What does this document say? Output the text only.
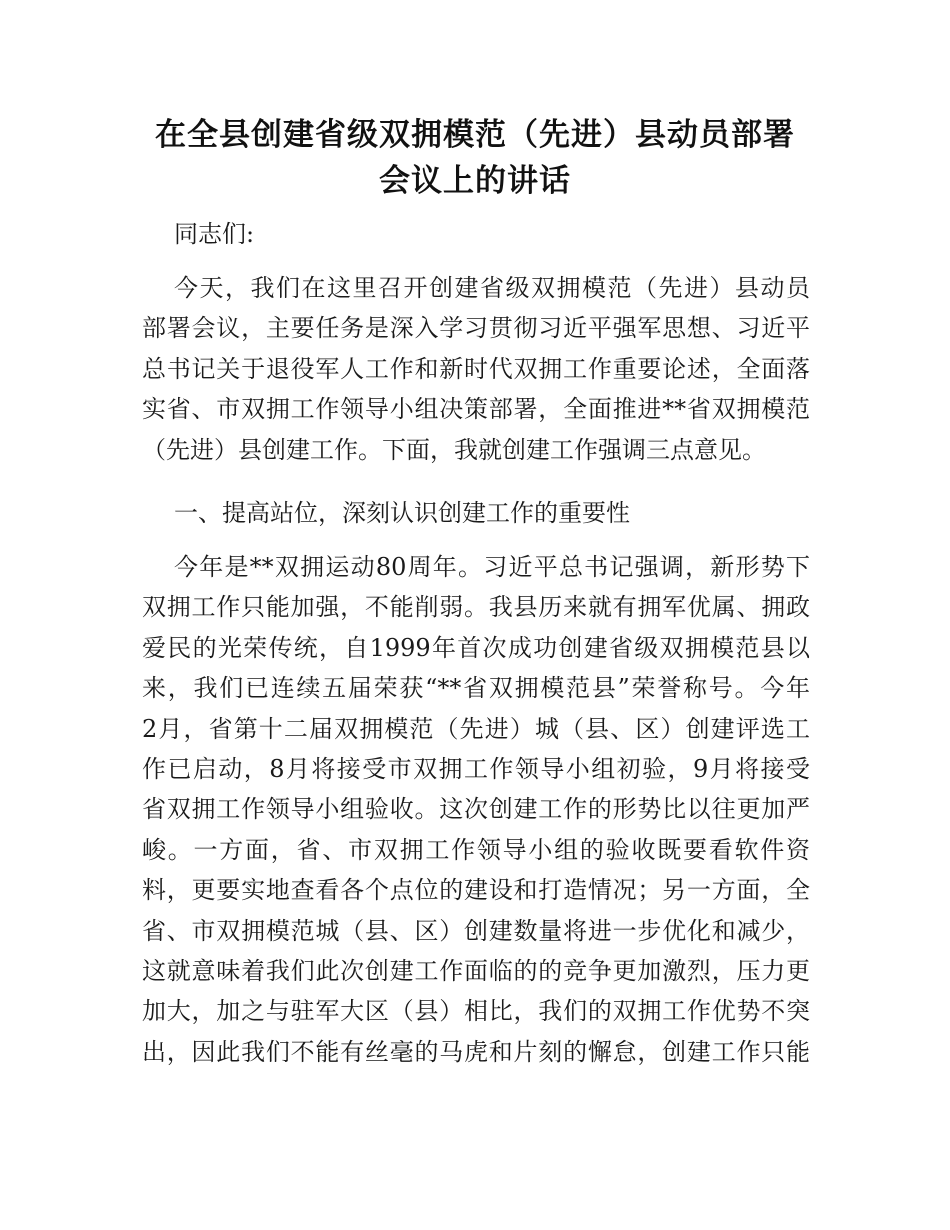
在全县创建省级双拥模范（先进）县动员部署
会议上的讲话

同志们:

今天，我们在这里召开创建省级双拥模范（先进）县动员
部署会议，主要任务是深入学习贯彻习近平强军思想、习近平
总书记关于退役军人工作和新时代双拥工作重要论述，全面落
实省、市双拥工作领导小组决策部署，全面推进**省双拥模范
（先进）县创建工作。下面，我就创建工作强调三点意见。

一、提高站位，深刻认识创建工作的重要性

今年是**双拥运动80周年。习近平总书记强调，新形势下
双拥工作只能加强，不能削弱。我县历来就有拥军优属、拥政
爱民的光荣传统，自1999年首次成功创建省级双拥模范县以
来，我们已连续五届荣获“**省双拥模范县”荣誉称号。今年
2月，省第十二届双拥模范（先进）城（县、区）创建评选工
作已启动，8月将接受市双拥工作领导小组初验，9月将接受
省双拥工作领导小组验收。这次创建工作的形势比以往更加严
峻。一方面，省、市双拥工作领导小组的验收既要看软件资
料，更要实地查看各个点位的建设和打造情况；另一方面，全
省、市双拥模范城（县、区）创建数量将进一步优化和减少，
这就意味着我们此次创建工作面临的的竞争更加激烈，压力更
加大，加之与驻军大区（县）相比，我们的双拥工作优势不突
出，因此我们不能有丝毫的马虎和片刻的懈怠，创建工作只能
